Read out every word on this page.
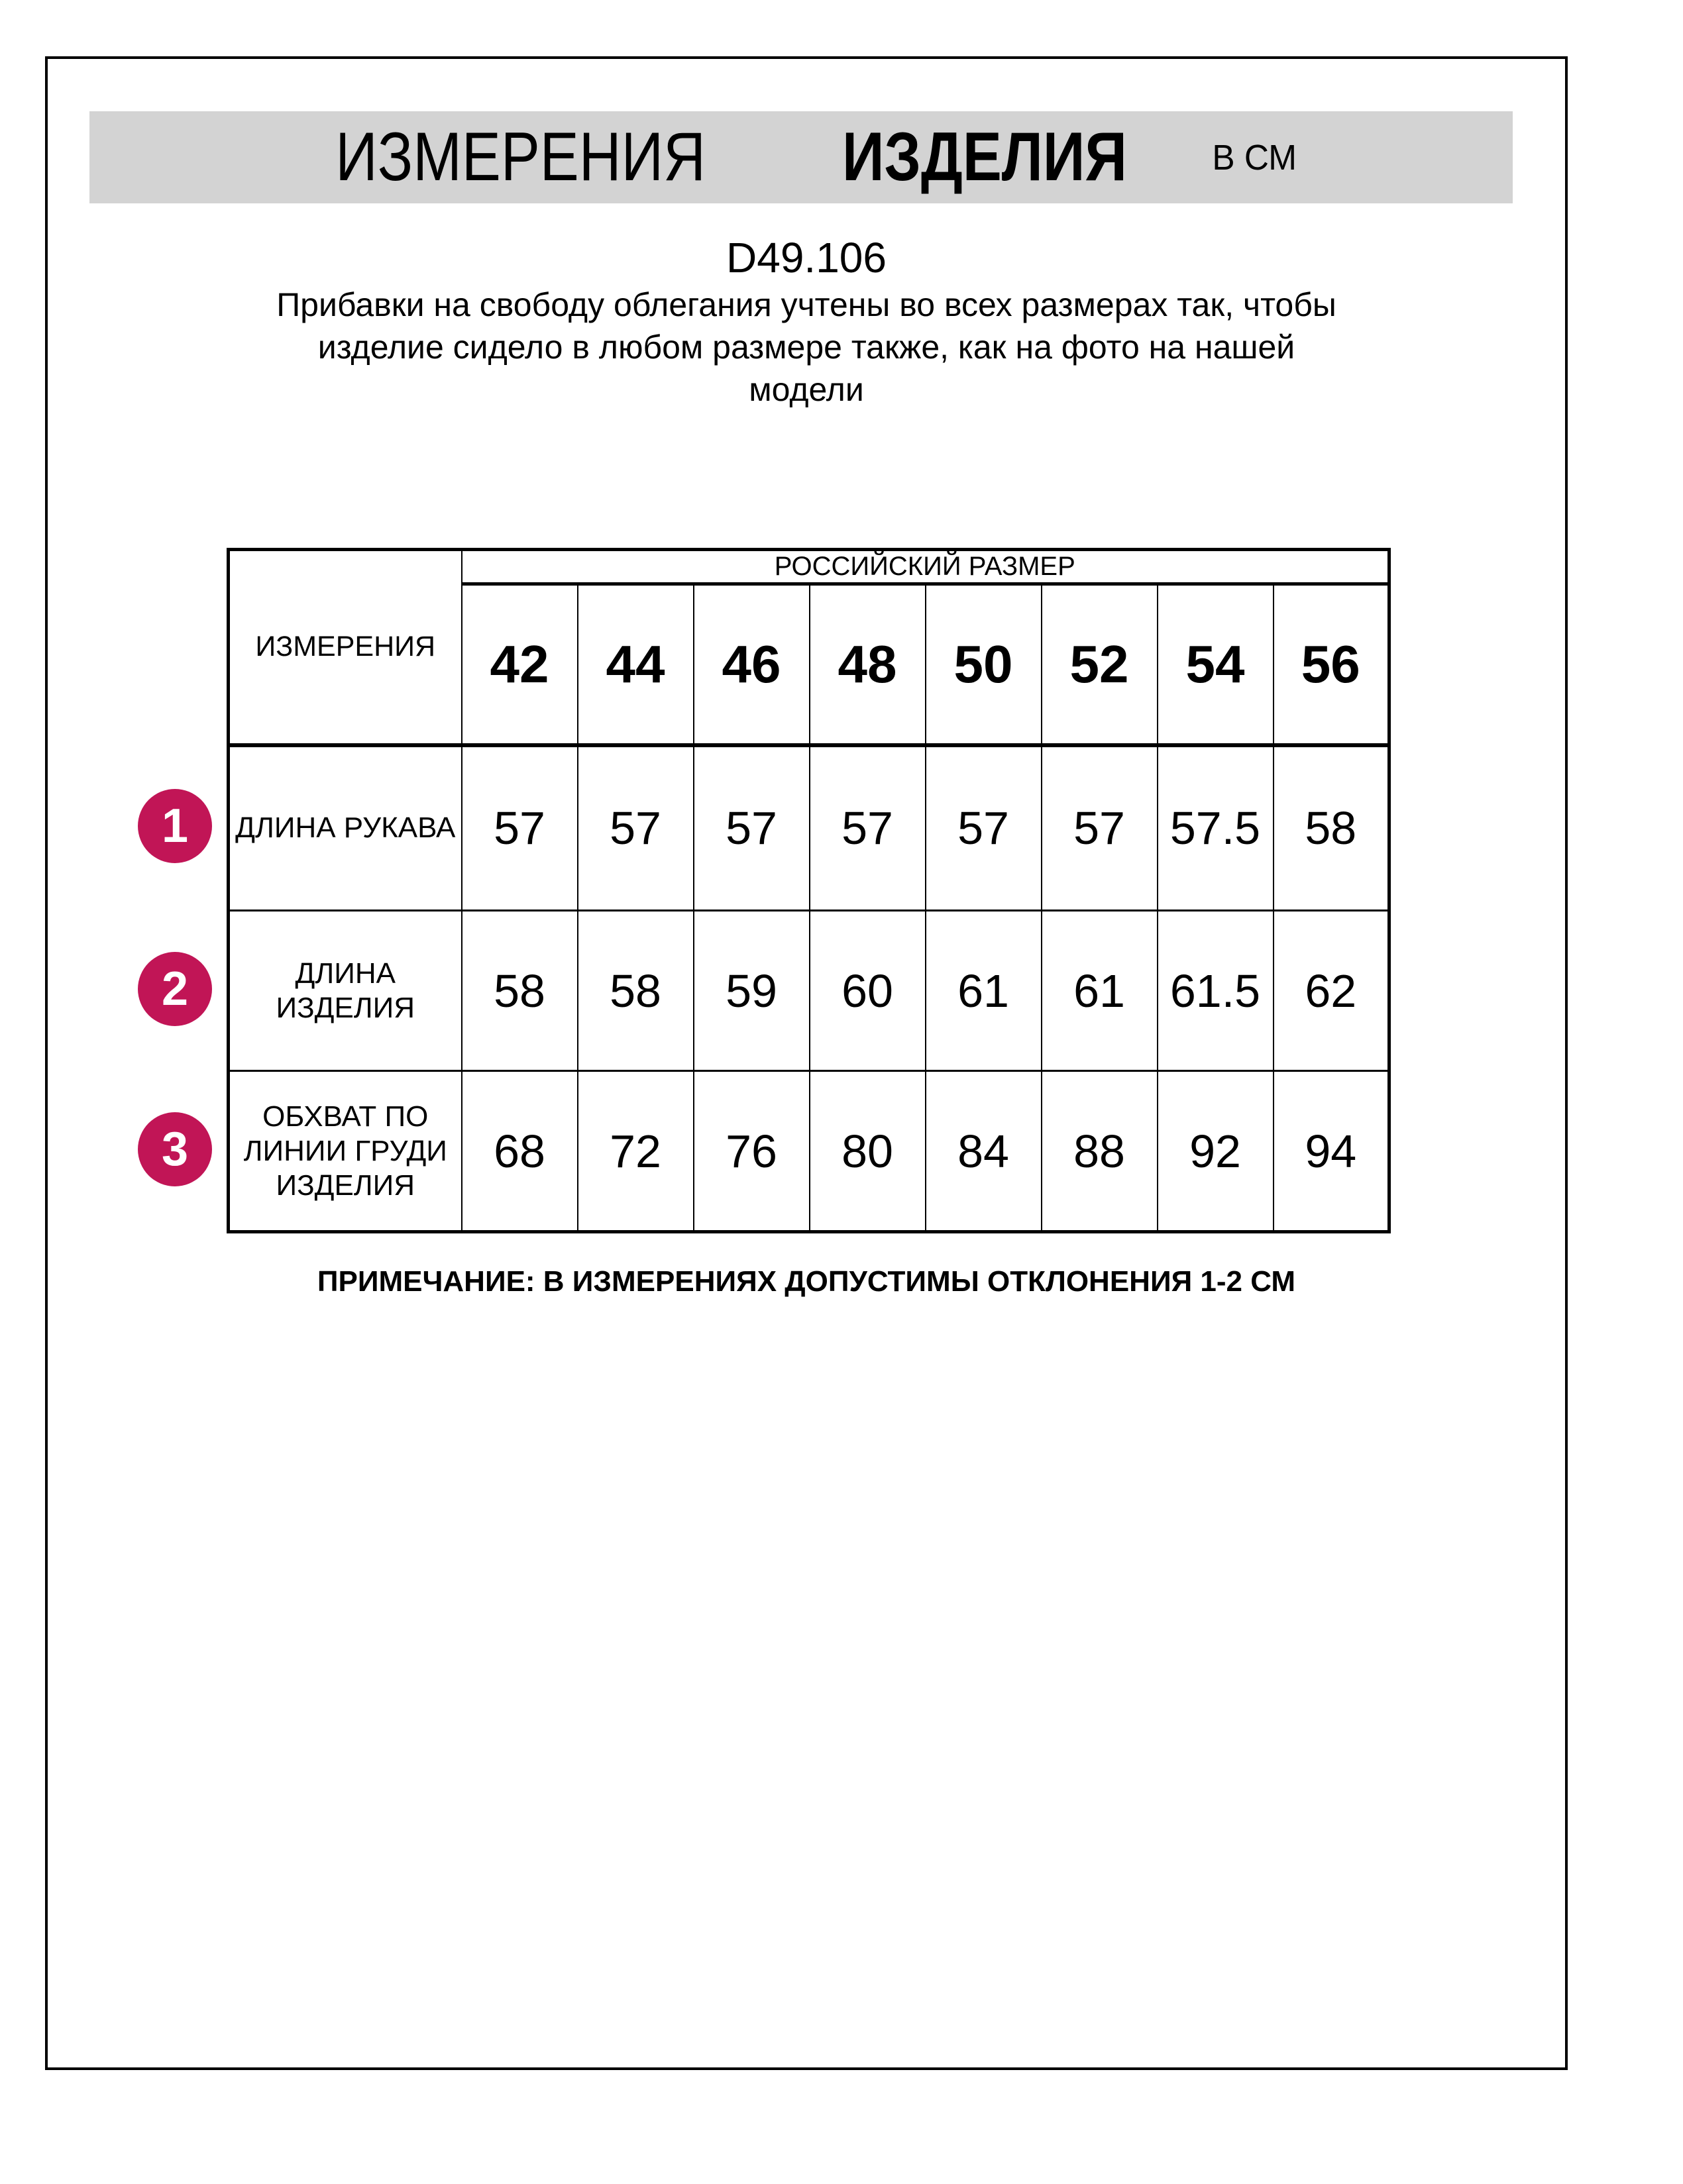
ИЗМЕРЕНИЯ ИЗДЕЛИЯ В СМ
D49.106
Прибавки на свободу облегания учтены во всех размерах так, чтобы
изделие сидело в любом размере также, как на фото на нашей
модели
ПРИМЕЧАНИЕ: В ИЗМЕРЕНИЯХ ДОПУСТИМЫ ОТКЛОНЕНИЯ 1-2 СМ
ИЗМЕРЕНИЯ	РОССИЙСКИЙ РАЗМЕР							
	42	44	46	48	50	52	54	56

ДЛИНА РУКАВА	57	57	57	57	57	57	57.5	58

ДЛИНА
ИЗДЕЛИЯ	58	58	59	60	61	61	61.5	62

ОБХВАТ ПО
ЛИНИИ ГРУДИ
ИЗДЕЛИЯ	68	72	76	80	84	88	92	94
1
2
3
